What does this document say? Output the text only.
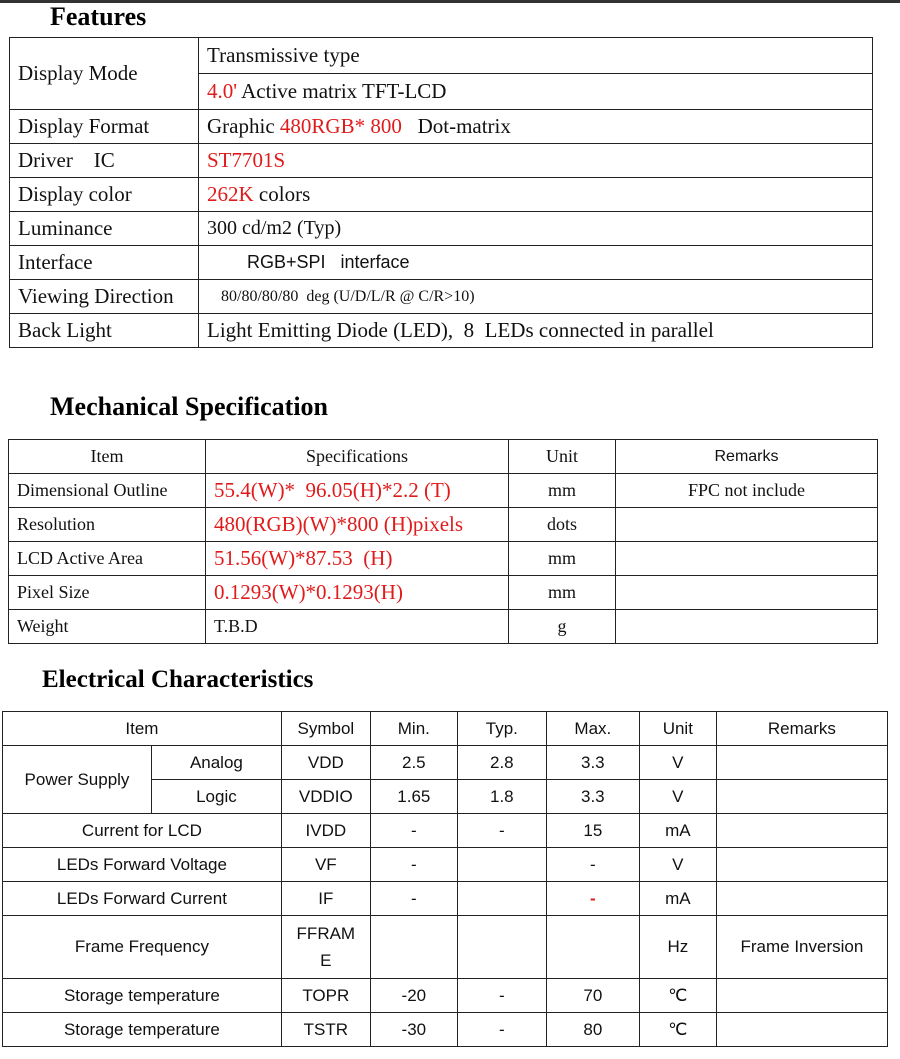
Features
Display Mode	Transmissive type
	4.0' Active matrix TFT-LCD
Display Format	Graphic 480RGB* 800 Dot-matrix
Driver    IC	ST7701S
Display color	262K colors
Luminance	300 cd/m2 (Typ)
Interface	RGB+SPI   interface
Viewing Direction	80/80/80/80  deg (U/D/L/R @ C/R>10)
Back Light	Light Emitting Diode (LED),  8  LEDs connected in parallel
Mechanical Specification
Item	Specifications	Unit	Remarks
Dimensional Outline	55.4(W)*  96.05(H)*2.2 (T)	mm	FPC not include
Resolution	480(RGB)(W)*800 (H)pixels	dots	
LCD Active Area	51.56(W)*87.53  (H)	mm	
Pixel Size	0.1293(W)*0.1293(H)	mm	
Weight	T.B.D	g	
Electrical Characteristics
Item		Symbol	Min.	Typ.	Max.	Unit	Remarks
Power Supply	Analog	VDD	2.5	2.8	3.3	V	
	Logic	VDDIO	1.65	1.8	3.3	V	
Current for LCD		IVDD	-	-	15	mA	
LEDs Forward Voltage		VF	-		-	V	
LEDs Forward Current		IF	-		-	mA	
Frame Frequency		FFRAME				Hz	Frame Inversion
Storage temperature		TOPR	-20	-	70	℃	
Storage temperature		TSTR	-30	-	80	℃	
